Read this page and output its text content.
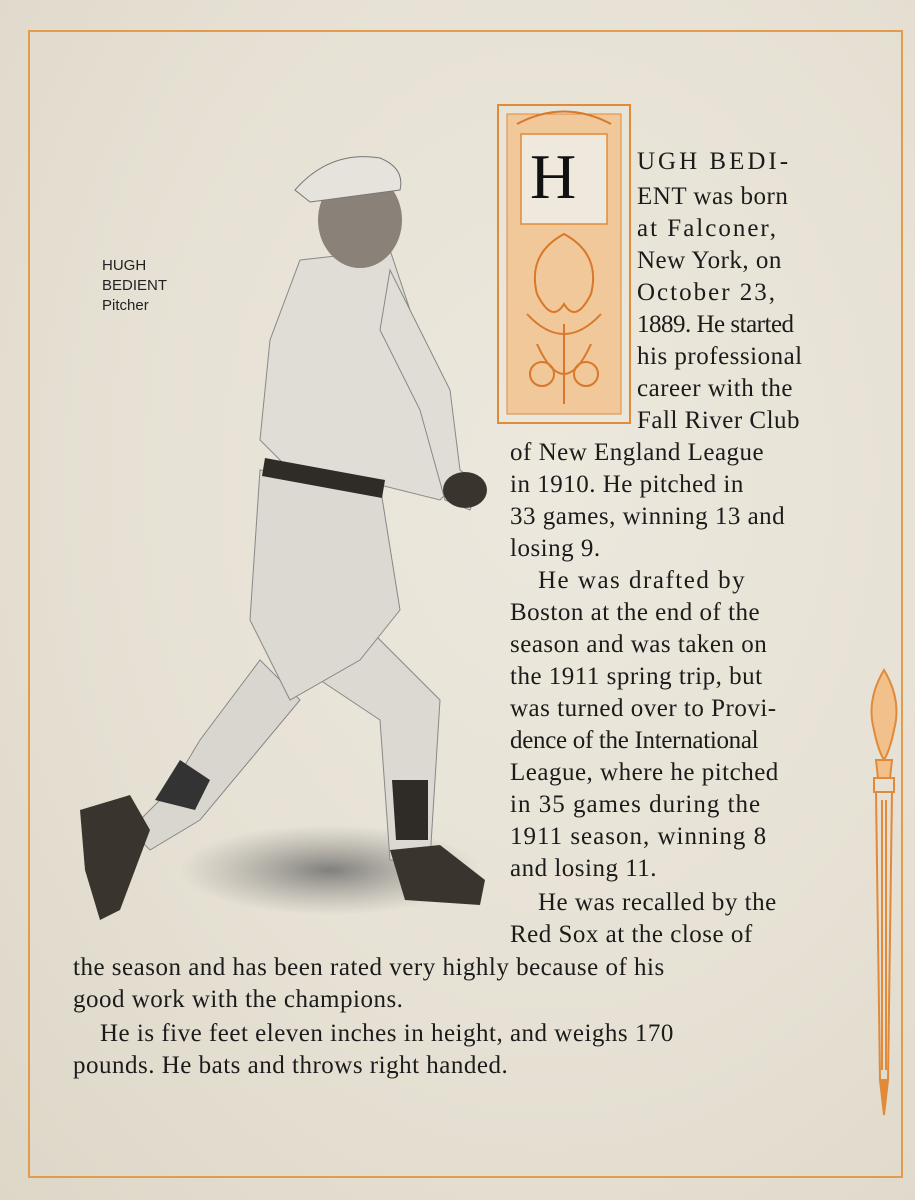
HUGH
BEDIENT
Pitcher
H UGH BEDI-
ENT was born
at Falconer,
New York, on
October 23,
1889. He started
his professional
career with the
Fall River Club
of New England League
in 1910. He pitched in
33 games, winning 13 and
losing 9.
He was drafted by
Boston at the end of the
season and was taken on
the 1911 spring trip, but
was turned over to Provi-
dence of the International
League, where he pitched
in 35 games during the
1911 season, winning 8
and losing 11.
He was recalled by the
Red Sox at the close of
the season and has been rated very highly because of his
good work with the champions.
He is five feet eleven inches in height, and weighs 170
pounds. He bats and throws right handed.
